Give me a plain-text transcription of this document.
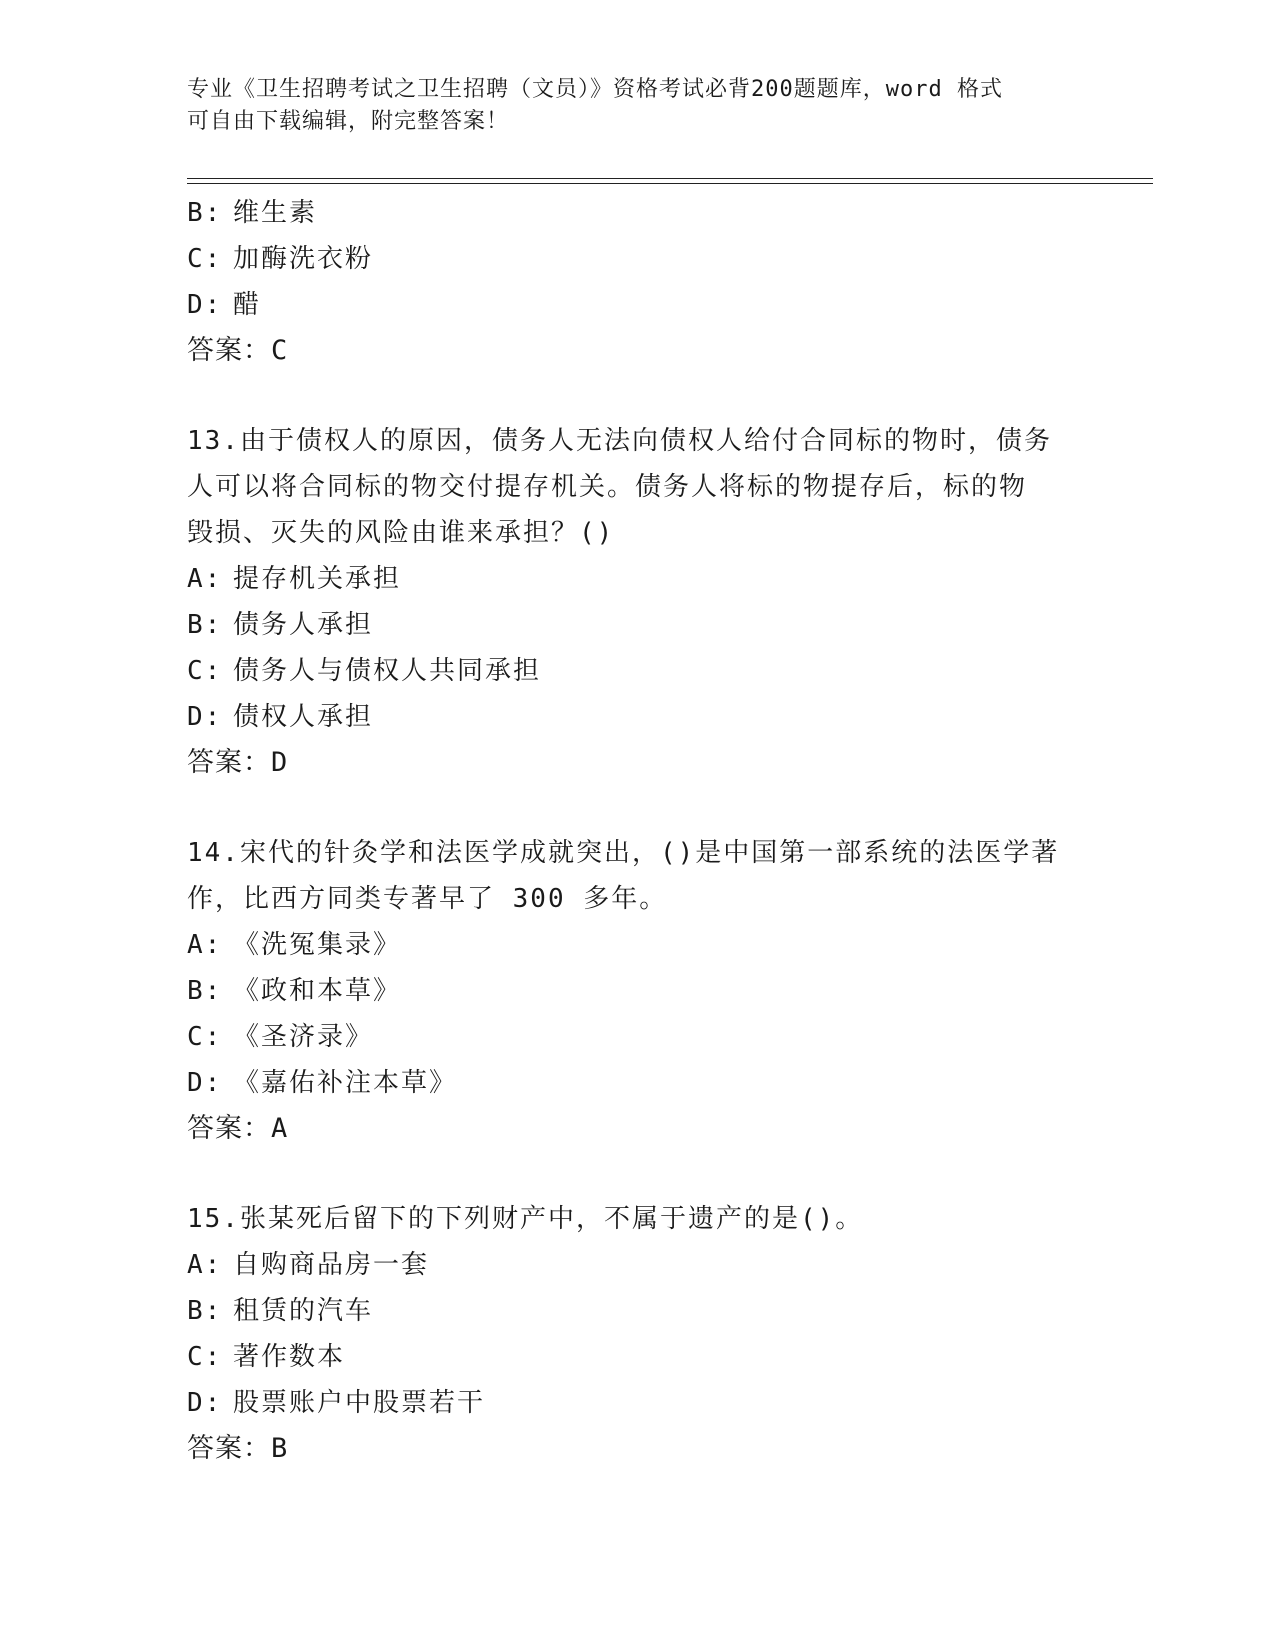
专业《卫生招聘考试之卫生招聘（文员）》资格考试必背200题题库，word 格式
可自由下载编辑，附完整答案！
B: 维生素
C: 加酶洗衣粉
D: 醋
答案：C
13.由于债权人的原因，债务人无法向债权人给付合同标的物时，债务
人可以将合同标的物交付提存机关。债务人将标的物提存后，标的物
毁损、灭失的风险由谁来承担？()
A: 提存机关承担
B: 债务人承担
C: 债务人与债权人共同承担
D: 债权人承担
答案：D
14.宋代的针灸学和法医学成就突出，()是中国第一部系统的法医学著
作，比西方同类专著早了 300 多年。
A: 《洗冤集录》
B: 《政和本草》
C: 《圣济录》
D: 《嘉佑补注本草》
答案：A
15.张某死后留下的下列财产中，不属于遗产的是()。
A: 自购商品房一套
B: 租赁的汽车
C: 著作数本
D: 股票账户中股票若干
答案：B
